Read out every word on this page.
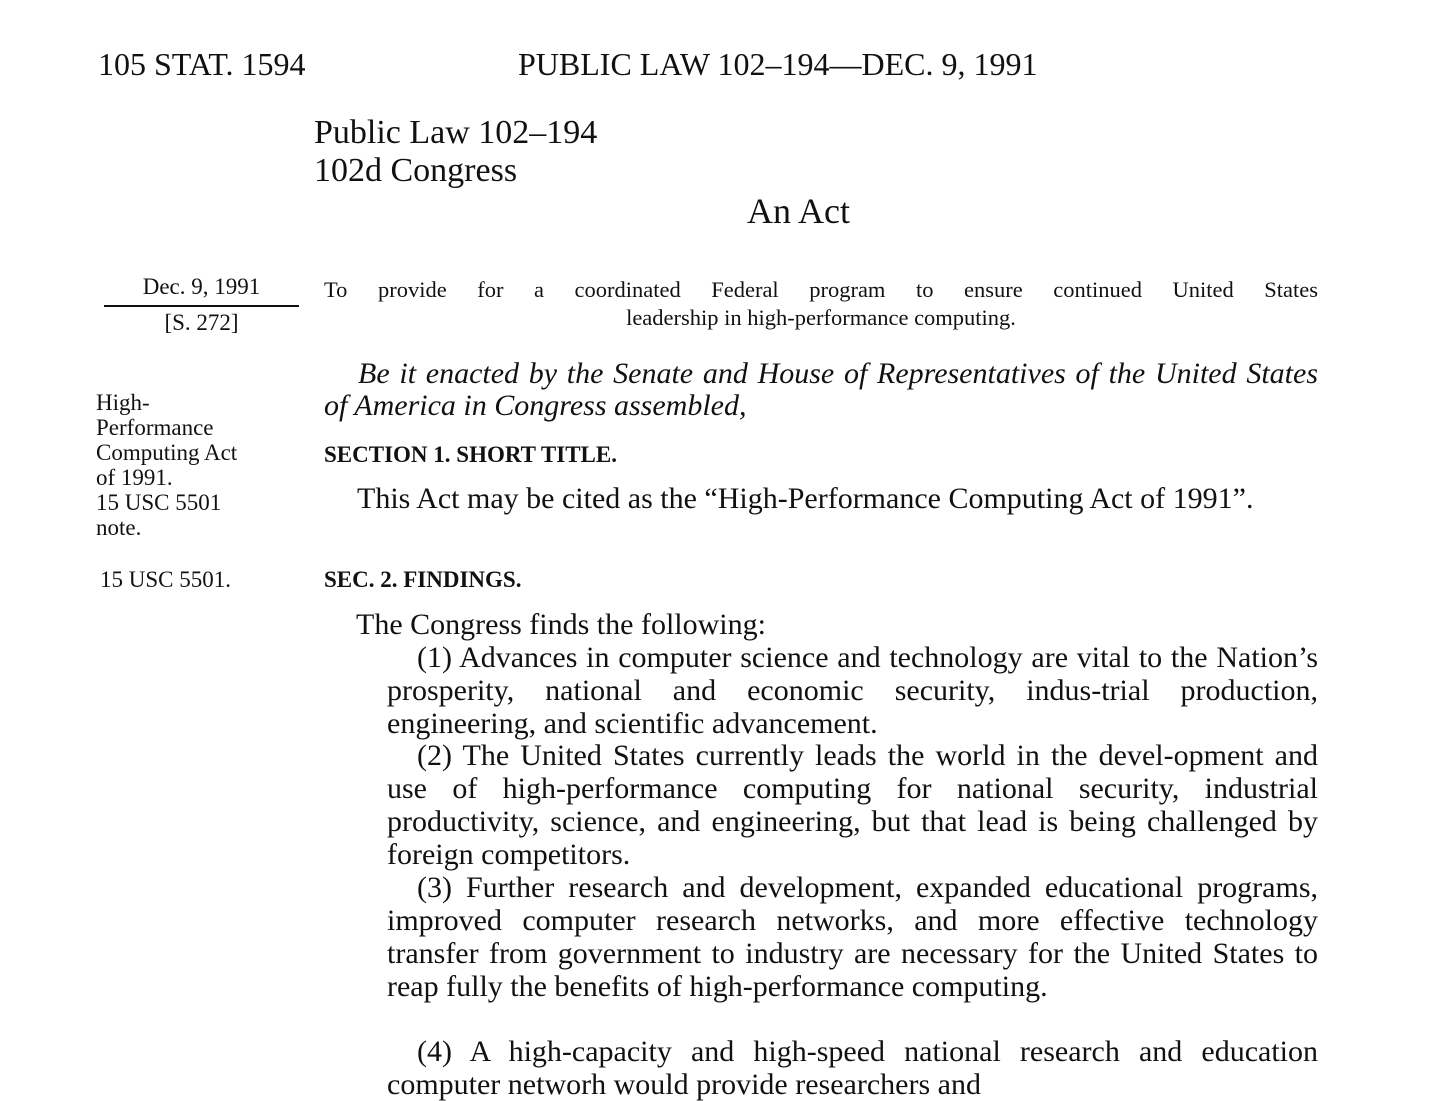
105 STAT. 1594	PUBLIC LAW 102–194—DEC. 9, 1991
Public Law 102–194
102d Congress
An Act
Dec. 9, 1991
[S. 272]
To provide for a coordinated Federal program to ensure continued United States
leadership in high-performance computing.
High-
Performance
Computing Act
of 1991.
15 USC 5501
note.
Be it enacted by the Senate and House of Representatives of the United States of America in Congress assembled,
SECTION 1. SHORT TITLE.
This Act may be cited as the “High-Performance Computing Act of 1991”.
15 USC 5501.	SEC. 2. FINDINGS.
The Congress finds the following:
(1) Advances in computer science and technology are vital to the Nation’s prosperity, national and economic security, indus-trial production, engineering, and scientific advancement.
(2) The United States currently leads the world in the devel-opment and use of high-performance computing for national security, industrial productivity, science, and engineering, but that lead is being challenged by foreign competitors.
(3) Further research and development, expanded educational programs, improved computer research networks, and more effective technology transfer from government to industry are necessary for the United States to reap fully the benefits of high-performance computing.
(4) A high-capacity and high-speed national research and education computer networh would provide researchers and
